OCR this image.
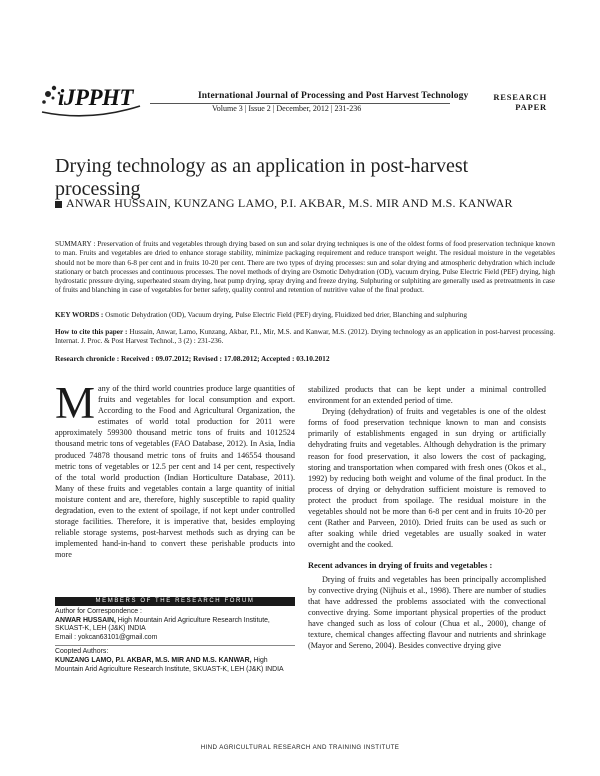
iJPPHT	International Journal of Processing and Post Harvest Technology
Volume 3 | Issue 2 | December, 2012 | 231-236
RESEARCH
PAPER
Drying technology as an application in post-harvest processing
ANWAR HUSSAIN, KUNZANG LAMO, P.I. AKBAR, M.S. MIR AND M.S. KANWAR
SUMMARY : Preservation of fruits and vegetables through drying based on sun and solar drying techniques is one of the oldest forms of food preservation technique known to man. Fruits and vegetables are dried to enhance storage stability, minimize packaging requirement and reduce transport weight. The residual moisture in the vegetables should not be more than 6-8 per cent and in fruits 10-20 per cent. There are two types of drying processes: sun and solar drying and atmospheric dehydration which include stationary or batch processes and continuous processes. The novel methods of drying are Osmotic Dehydration (OD), vacuum drying, Pulse Electric Field (PEF) drying, high hydrostatic pressure drying, superheated steam drying, heat pump drying, spray drying and freeze drying. Sulphuring or sulphiting are generally used as pretreatments in case of fruits and blanching in case of vegetables for better safety, quality control and retention of nutritive value of the final product.
KEY WORDS : Osmotic Dehydration (OD), Vacuum drying, Pulse Electric Field (PEF) drying, Fluidized bed drier, Blanching and sulphuring
How to cite this paper : Hussain, Anwar, Lamo, Kunzang, Akbar, P.I., Mir, M.S. and Kanwar, M.S. (2012). Drying technology as an application in post-harvest processing. Internat. J. Proc. & Post Harvest Technol., 3 (2) : 231-236.
Research chronicle : Received : 09.07.2012; Revised : 17.08.2012; Accepted : 03.10.2012

Many of the third world countries produce large quantities of fruits and vegetables for local consumption and export. According to the Food and Agricultural Organization, the estimates of world total production for 2011 were approximately 599300 thousand metric tons of fruits and 1012524 thousand metric tons of vegetables (FAO Database, 2012). In Asia, India produced 74878 thousand metric tons of fruits and 146554 thousand metric tons of vegetables or 12.5 per cent and 14 per cent, respectively of the total world production (Indian Horticulture Database, 2011). Many of these fruits and vegetables contain a large quantity of initial moisture content and are, therefore, highly susceptible to rapid quality degradation, even to the extent of spoilage, if not kept under controlled storage facilities. Therefore, it is imperative that, besides employing reliable storage systems, post-harvest methods such as drying can be implemented hand-in-hand to convert these perishable products into more

MEMBERS OF THE RESEARCH FORUM
Author for Correspondence :
ANWAR HUSSAIN, High Mountain Arid Agriculture Research Institute, SKUAST-K, LEH (J&K) INDIA
Email : yokcan63101@gmail.com
Coopted Authors:
KUNZANG LAMO, P.I. AKBAR, M.S. MIR AND M.S. KANWAR, High Mountain Arid Agriculture Research Institute, SKUAST-K, LEH (J&K) INDIA

stabilized products that can be kept under a minimal controlled environment for an extended period of time.

Drying (dehydration) of fruits and vegetables is one of the oldest forms of food preservation technique known to man and consists primarily of establishments engaged in sun drying or artificially dehydrating fruits and vegetables. Although dehydration is the primary reason for food preservation, it also lowers the cost of packaging, storing and transportation when compared with fresh ones (Okos et al., 1992) by reducing both weight and volume of the final product. In the process of drying or dehydration sufficient moisture is removed to protect the product from spoilage. The residual moisture in the vegetables should not be more than 6-8 per cent and in fruits 10-20 per cent (Rather and Parveen, 2010). Dried fruits can be used as such or after soaking while dried vegetables are usually soaked in water overnight and the cooked.

Recent advances in drying of fruits and vegetables :

Drying of fruits and vegetables has been principally accomplished by convective drying (Nijhuis et al., 1998). There are number of studies that have addressed the problems associated with the convectional convective drying. Some important physical properties of the product have changed such as loss of colour (Chua et al., 2000), change of texture, chemical changes affecting flavour and nutrients and shrinkage (Mayor and Sereno, 2004). Besides convective drying give

HIND AGRICULTURAL RESEARCH AND TRAINING INSTITUTE
